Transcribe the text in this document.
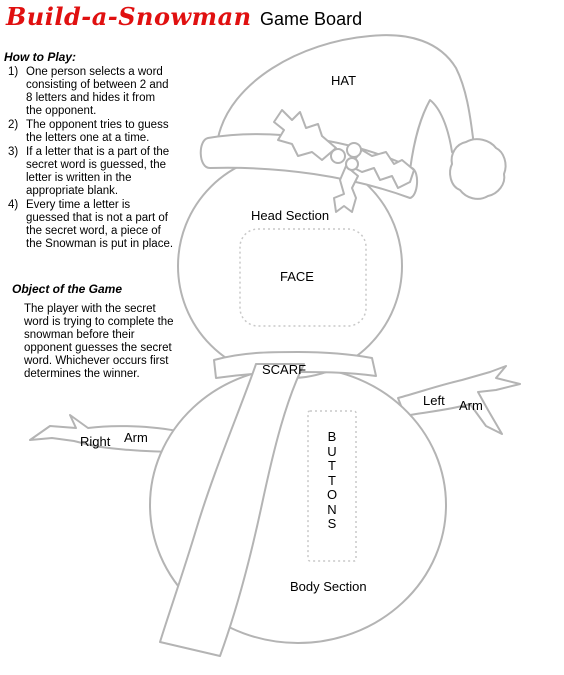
Build-a-Snowman Game Board
How to Play:
1) One person selects a word consisting of between 2 and 8 letters and hides it from the opponent.
2) The opponent tries to guess the letters one at a time.
3) If a letter that is a part of the secret word is guessed, the letter is written in the appropriate blank.
4) Every time a letter is guessed that is not a part of the secret word, a piece of the Snowman is put in place.
Object of the Game

The player with the secret word is trying to complete the snowman before their opponent guesses the secret word. Whichever occurs first determines the winner.

HAT
Head Section
FACE
SCARF
Left Arm
Right Arm	B
U
T
T
O
N
S
Body Section
